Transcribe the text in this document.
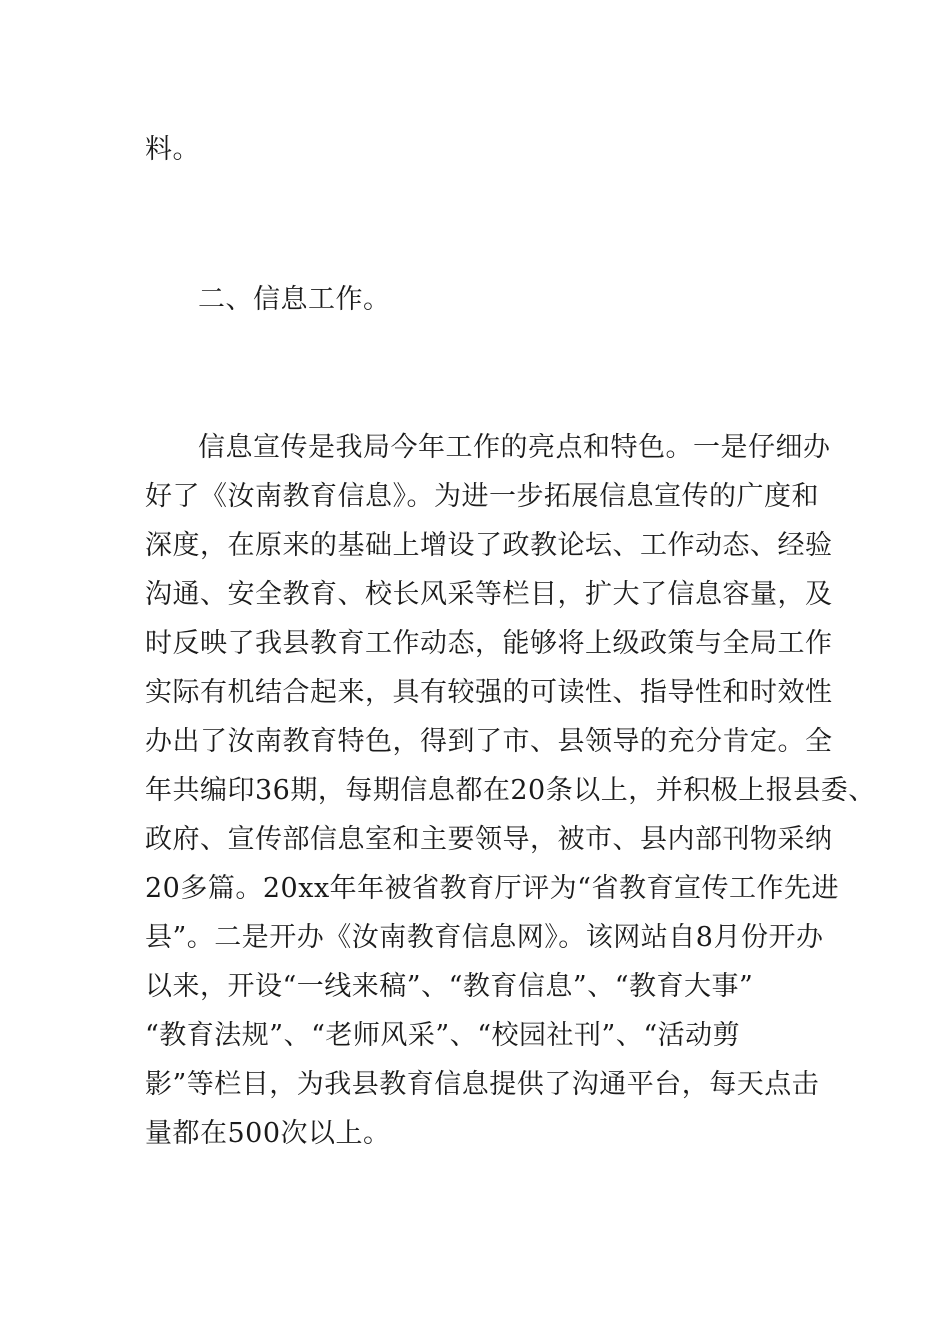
料。
二、信息工作。
信息宣传是我局今年工作的亮点和特色。一是仔细办
好了《汝南教育信息》。为进一步拓展信息宣传的广度和
深度，在原来的基础上增设了政教论坛、工作动态、经验
沟通、安全教育、校长风采等栏目，扩大了信息容量，及
时反映了我县教育工作动态，能够将上级政策与全局工作
实际有机结合起来，具有较强的可读性、指导性和时效性
办出了汝南教育特色，得到了市、县领导的充分肯定。全
年共编印36期，每期信息都在20条以上，并积极上报县委、
政府、宣传部信息室和主要领导，被市、县内部刊物采纳
20多篇。20xx年年被省教育厅评为“省教育宣传工作先进
县”。二是开办《汝南教育信息网》。该网站自8月份开办
以来，开设“一线来稿”、“教育信息”、“教育大事”
“教育法规”、“老师风采”、“校园社刊”、“活动剪
影”等栏目，为我县教育信息提供了沟通平台，每天点击
量都在500次以上。
